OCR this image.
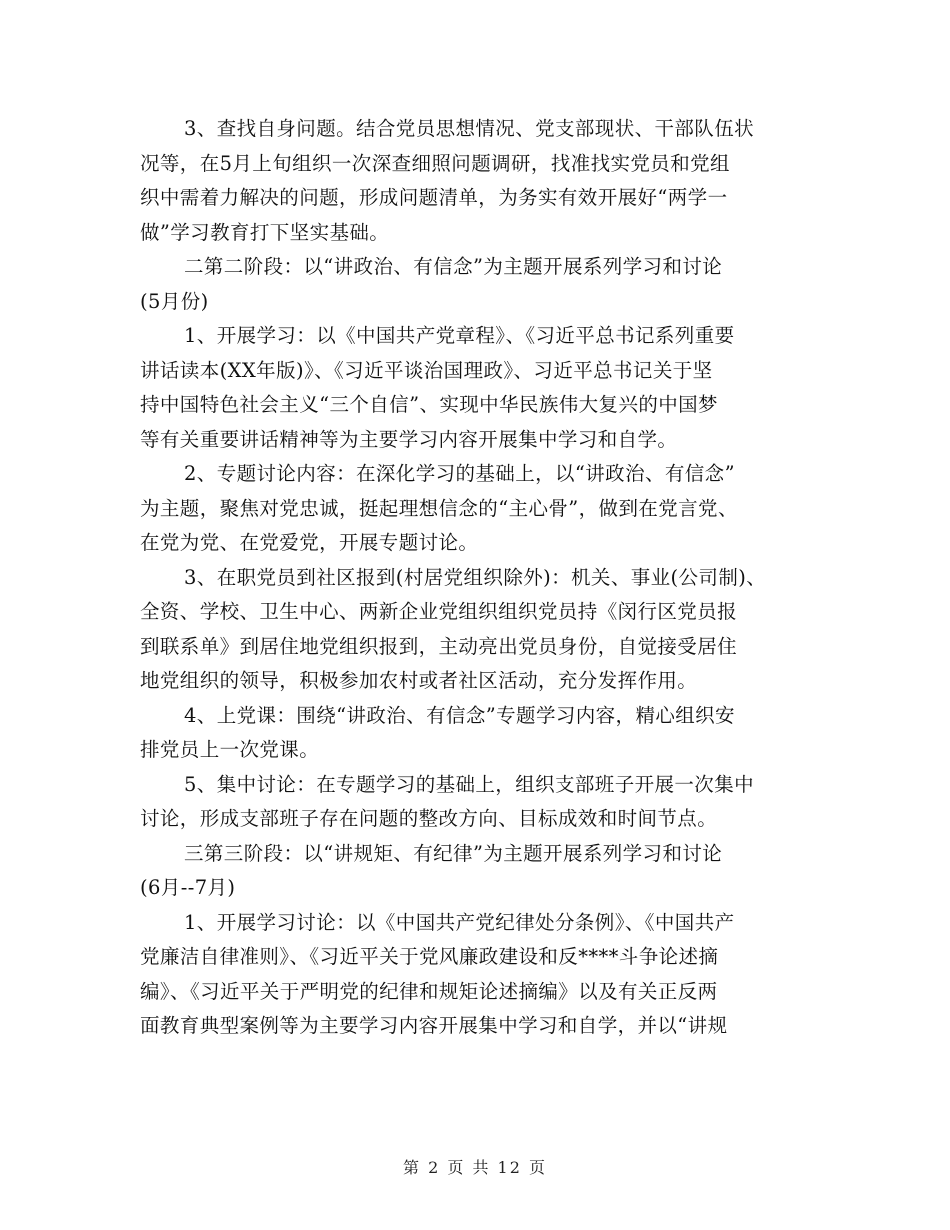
3、查找自身问题。结合党员思想情况、党支部现状、干部队伍状
况等，在5月上旬组织一次深查细照问题调研，找准找实党员和党组
织中需着力解决的问题，形成问题清单，为务实有效开展好“两学一
做”学习教育打下坚实基础。
二第二阶段：以“讲政治、有信念”为主题开展系列学习和讨论
(5月份)
1、开展学习：以《中国共产党章程》、《习近平总书记系列重要
讲话读本(XX年版)》、《习近平谈治国理政》、习近平总书记关于坚
持中国特色社会主义“三个自信”、实现中华民族伟大复兴的中国梦
等有关重要讲话精神等为主要学习内容开展集中学习和自学。
2、专题讨论内容：在深化学习的基础上，以“讲政治、有信念”
为主题，聚焦对党忠诚，挺起理想信念的“主心骨”，做到在党言党、
在党为党、在党爱党，开展专题讨论。
3、在职党员到社区报到(村居党组织除外)：机关、事业(公司制)、
全资、学校、卫生中心、两新企业党组织组织党员持《闵行区党员报
到联系单》到居住地党组织报到，主动亮出党员身份，自觉接受居住
地党组织的领导，积极参加农村或者社区活动，充分发挥作用。
4、上党课：围绕“讲政治、有信念”专题学习内容，精心组织安
排党员上一次党课。
5、集中讨论：在专题学习的基础上，组织支部班子开展一次集中
讨论，形成支部班子存在问题的整改方向、目标成效和时间节点。
三第三阶段：以“讲规矩、有纪律”为主题开展系列学习和讨论
(6月--7月)
1、开展学习讨论：以《中国共产党纪律处分条例》、《中国共产
党廉洁自律准则》、《习近平关于党风廉政建设和反****斗争论述摘
编》、《习近平关于严明党的纪律和规矩论述摘编》以及有关正反两
面教育典型案例等为主要学习内容开展集中学习和自学，并以“讲规
第 2 页 共 12 页
